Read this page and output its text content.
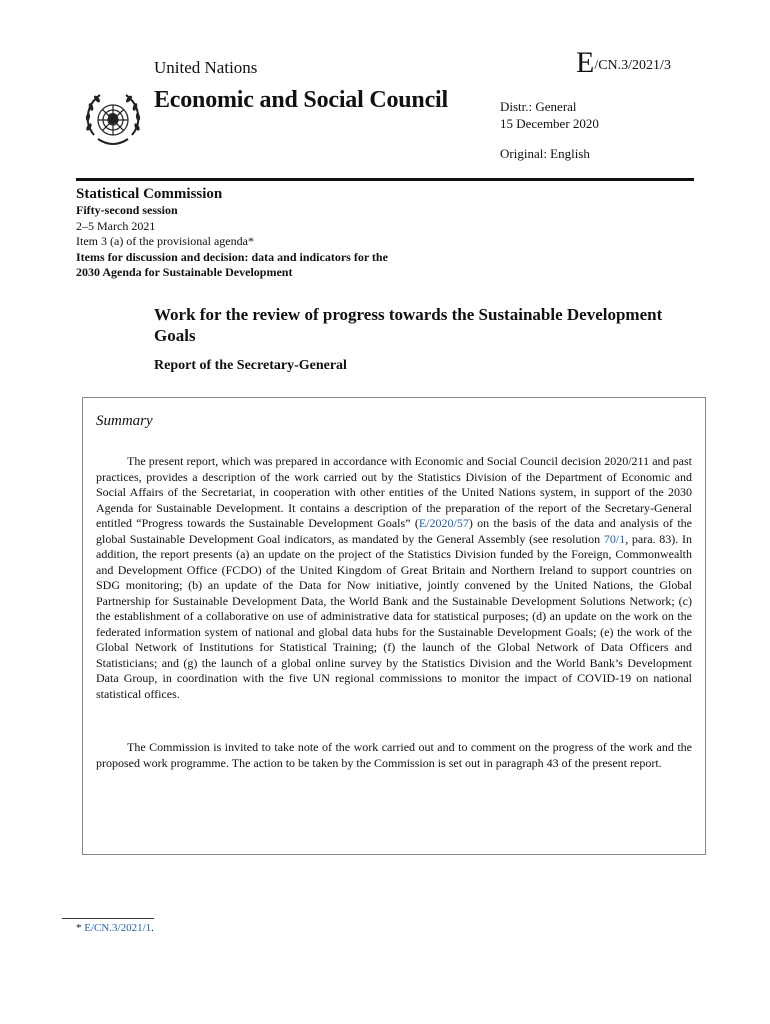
United Nations	E/CN.3/2021/3
Economic and Social Council	Distr.: General
15 December 2020
Original: English
Statistical Commission
Fifty-second session
2–5 March 2021
Item 3 (a) of the provisional agenda*
Items for discussion and decision: data and indicators for the
2030 Agenda for Sustainable Development
Work for the review of progress towards the Sustainable Development Goals
Report of the Secretary-General
Summary
The present report, which was prepared in accordance with Economic and Social Council decision 2020/211 and past practices, provides a description of the work carried out by the Statistics Division of the Department of Economic and Social Affairs of the Secretariat, in cooperation with other entities of the United Nations system, in support of the 2030 Agenda for Sustainable Development. It contains a description of the preparation of the report of the Secretary-General entitled “Progress towards the Sustainable Development Goals” (E/2020/57) on the basis of the data and analysis of the global Sustainable Development Goal indicators, as mandated by the General Assembly (see resolution 70/1, para. 83). In addition, the report presents (a) an update on the project of the Statistics Division funded by the Foreign, Commonwealth and Development Office (FCDO) of the United Kingdom of Great Britain and Northern Ireland to support countries on SDG monitoring; (b) an update of the Data for Now initiative, jointly convened by the United Nations, the Global Partnership for Sustainable Development Data, the World Bank and the Sustainable Development Solutions Network; (c) the establishment of a collaborative on use of administrative data for statistical purposes; (d) an update on the work on the federated information system of national and global data hubs for the Sustainable Development Goals; (e) the work of the Global Network of Institutions for Statistical Training; (f) the launch of the Global Network of Data Officers and Statisticians; and (g) the launch of a global online survey by the Statistics Division and the World Bank’s Development Data Group, in coordination with the five UN regional commissions to monitor the impact of COVID-19 on national statistical offices.
The Commission is invited to take note of the work carried out and to comment on the progress of the work and the proposed work programme. The action to be taken by the Commission is set out in paragraph 43 of the present report.
* E/CN.3/2021/1.
